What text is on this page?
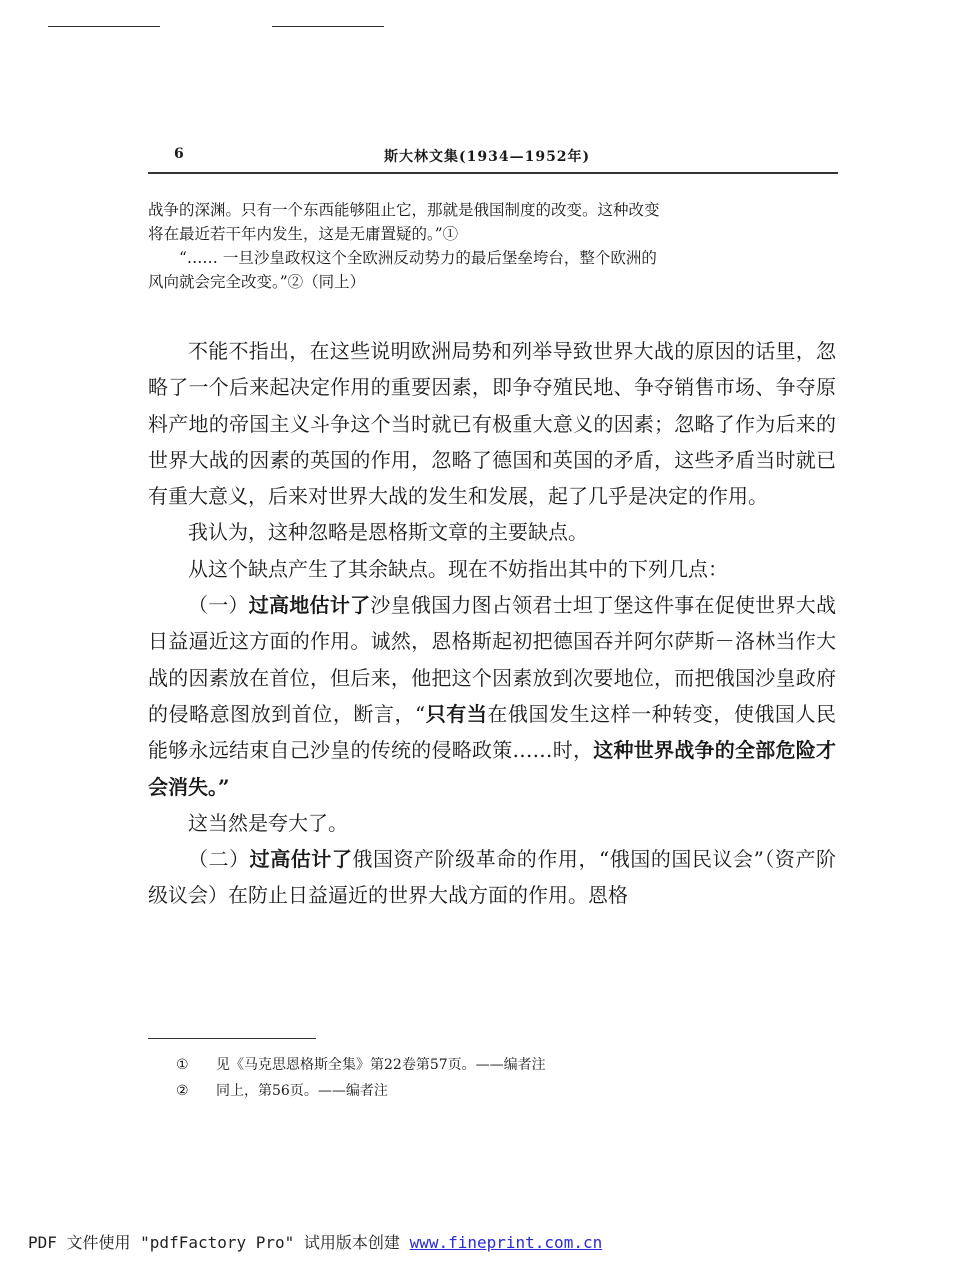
6	斯大林文集(1934—1952年)

战争的深渊。只有一个东西能够阻止它，那就是俄国制度的改变。这种改变

将在最近若干年内发生，这是无庸置疑的。”①

“…… 一旦沙皇政权这个全欧洲反动势力的最后堡垒垮台，整个欧洲的

风向就会完全改变。”②（同上）

不能不指出，在这些说明欧洲局势和列举导致世界大战的原因的话里，忽略了一个后来起决定作用的重要因素，即争夺殖民地、争夺销售市场、争夺原料产地的帝国主义斗争这个当时就已有极重大意义的因素；忽略了作为后来的世界大战的因素的英国的作用，忽略了德国和英国的矛盾，这些矛盾当时就已有重大意义，后来对世界大战的发生和发展，起了几乎是决定的作用。

我认为，这种忽略是恩格斯文章的主要缺点。

从这个缺点产生了其余缺点。现在不妨指出其中的下列几点：

（一）过高地估计了沙皇俄国力图占领君士坦丁堡这件事在促使世界大战日益逼近这方面的作用。诚然，恩格斯起初把德国吞并阿尔萨斯－洛林当作大战的因素放在首位，但后来，他把这个因素放到次要地位，而把俄国沙皇政府的侵略意图放到首位，断言，“只有当在俄国发生这样一种转变，使俄国人民能够永远结束自己沙皇的传统的侵略政策……时，这种世界战争的全部危险才会消失。”

这当然是夸大了。

（二）过高估计了俄国资产阶级革命的作用，“俄国的国民议会”（资产阶级议会）在防止日益逼近的世界大战方面的作用。恩格

① 见《马克思恩格斯全集》第22卷第57页。——编者注
② 同上，第56页。——编者注
PDF 文件使用 "pdfFactory Pro" 试用版本创建 www.fineprint.com.cn
